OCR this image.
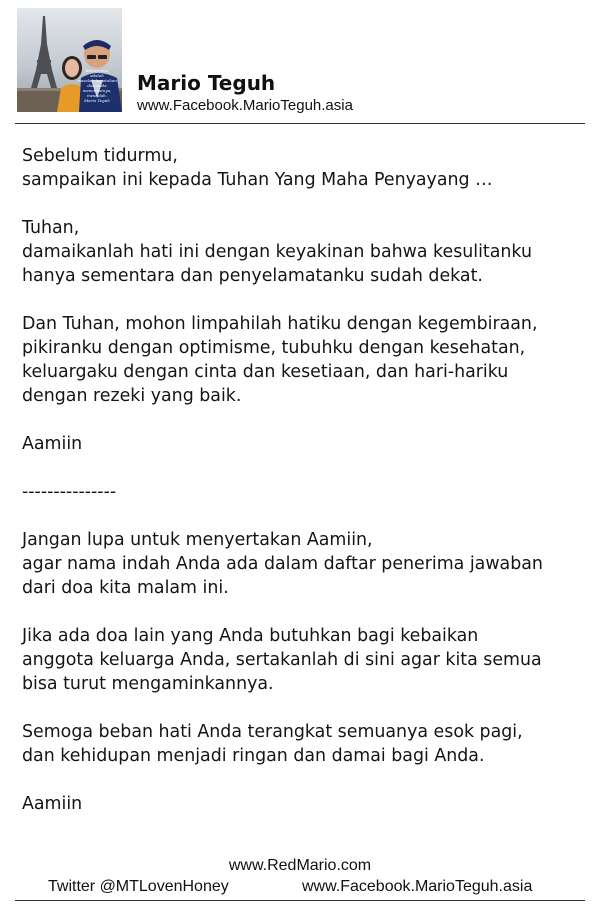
Kemesraan
adalah
masalah kepatuhan
dua Anda mencintainya,
mesralah.
Mario Teguh
Mario Teguh
www.Facebook.MarioTeguh.asia
Sebelum tidurmu,
sampaikan ini kepada Tuhan Yang Maha Penyayang …
Tuhan,
damaikanlah hati ini dengan keyakinan bahwa kesulitanku
hanya sementara dan penyelamatanku sudah dekat.
Dan Tuhan, mohon limpahilah hatiku dengan kegembiraan,
pikiranku dengan optimisme, tubuhku dengan kesehatan,
keluargaku dengan cinta dan kesetiaan, dan hari-hariku
dengan rezeki yang baik.
Aamiin
---------------
Jangan lupa untuk menyertakan Aamiin,
agar nama indah Anda ada dalam daftar penerima jawaban
dari doa kita malam ini.
Jika ada doa lain yang Anda butuhkan bagi kebaikan
anggota keluarga Anda, sertakanlah di sini agar kita semua
bisa turut mengaminkannya.
Semoga beban hati Anda terangkat semuanya esok pagi,
dan kehidupan menjadi ringan dan damai bagi Anda.
Aamiin
www.RedMario.com
Twitter @MTLovenHoney	www.Facebook.MarioTeguh.asia
